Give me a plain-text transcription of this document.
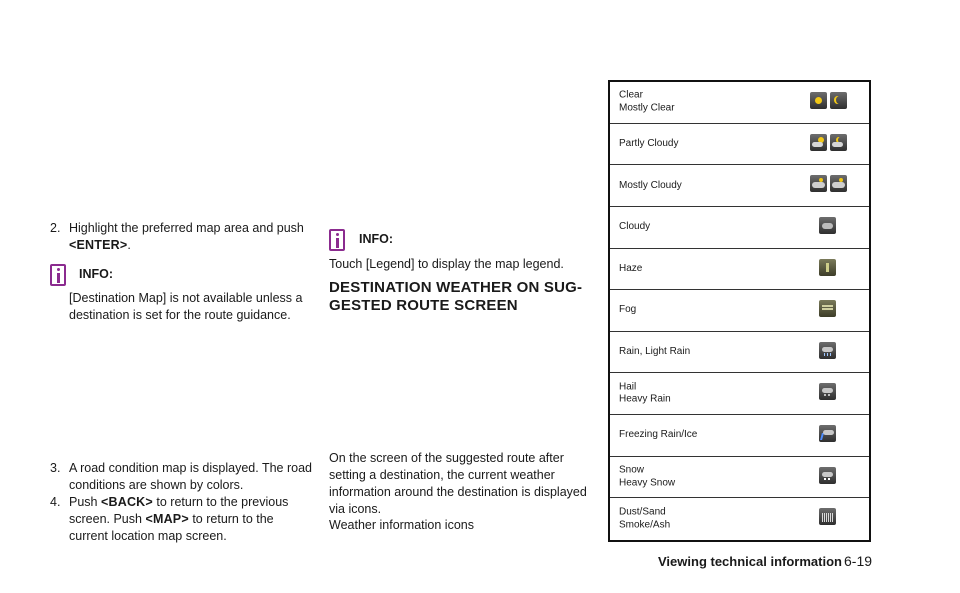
2. Highlight the preferred map area and push
<ENTER>.
INFO:
[Destination Map] is not available unless a
destination is set for the route guidance.
3. A road condition map is displayed. The road
conditions are shown by colors.
4. Push <BACK> to return to the previous
screen. Push <MAP> to return to the
current location map screen.
INFO:
Touch [Legend] to display the map legend.
DESTINATION WEATHER ON SUG-
GESTED ROUTE SCREEN
On the screen of the suggested route after
setting a destination, the current weather
information around the destination is displayed
via icons.
Weather information icons
Clear
Mostly Clear
Partly Cloudy
Mostly Cloudy
Cloudy
Haze
Fog
Rain, Light Rain
Hail
Heavy Rain
Freezing Rain/Ice
Snow
Heavy Snow
Dust/Sand
Smoke/Ash
Viewing technical information 6-19
